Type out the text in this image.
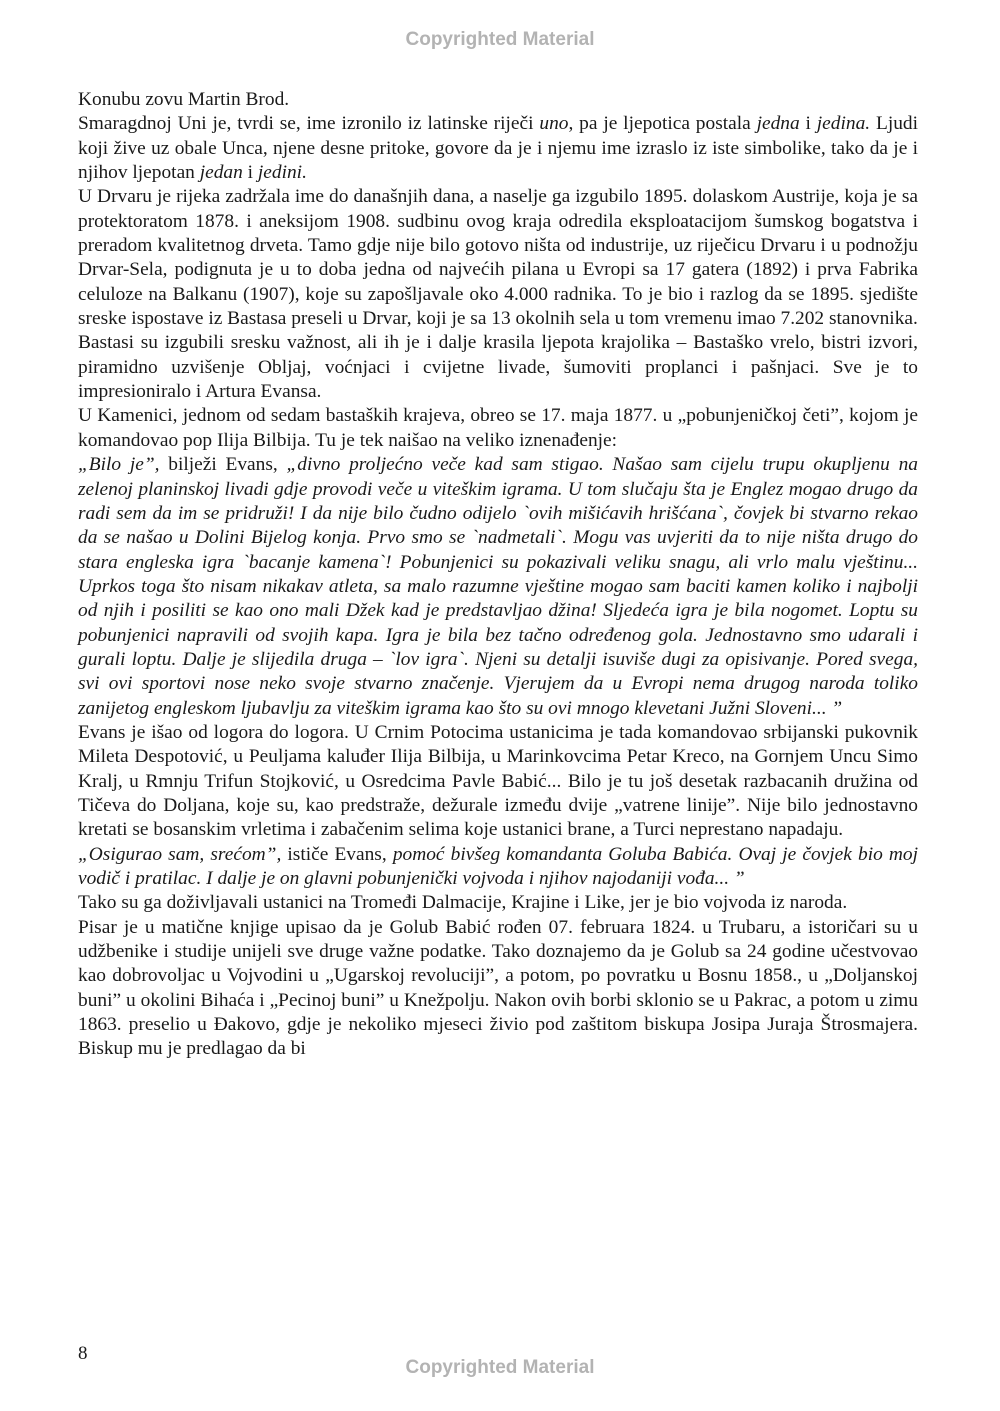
Copyrighted Material

Konubu zovu Martin Brod.

Smaragdnoj Uni je, tvrdi se, ime izronilo iz latinske riječi uno, pa je ljepotica postala jedna i jedina. Ljudi koji žive uz obale Unca, njene desne pritoke, govore da je i njemu ime izraslo iz iste simbolike, tako da je i njihov ljepotan jedan i jedini.

U Drvaru je rijeka zadržala ime do današnjih dana, a naselje ga izgubilo 1895. dolaskom Austrije, koja je sa protektoratom 1878. i aneksijom 1908. sudbinu ovog kraja odredila eksploatacijom šumskog bogatstva i preradom kvalitetnog drveta. Tamo gdje nije bilo gotovo ništa od industrije, uz riječicu Drvaru i u podnožju Drvar-Sela, podignuta je u to doba jedna od najvećih pilana u Evropi sa 17 gatera (1892) i prva Fabrika celuloze na Balkanu (1907), koje su zapošljavale oko 4.000 radnika. To je bio i razlog da se 1895. sjedište sreske ispostave iz Bastasa preseli u Drvar, koji je sa 13 okolnih sela u tom vremenu imao 7.202 stanovnika.

Bastasi su izgubili sresku važnost, ali ih je i dalje krasila ljepota krajolika – Bastaško vrelo, bistri izvori, piramidno uzvišenje Obljaj, voćnjaci i cvijetne livade, šumoviti proplanci i pašnjaci. Sve je to impresioniralo i Artura Evansa.

U Kamenici, jednom od sedam bastaških krajeva, obreo se 17. maja 1877. u „pobunjeničkoj četi”, kojom je komandovao pop Ilija Bilbija. Tu je tek naišao na veliko iznenađenje:

„Bilo je”, bilježi Evans, „divno proljećno veče kad sam stigao. Našao sam cijelu trupu okupljenu na zelenoj planinskoj livadi gdje provodi veče u viteškim igrama. U tom slučaju šta je Englez mogao drugo da radi sem da im se pridruži! I da nije bilo čudno odijelo `ovih mišićavih hrišćana`, čovjek bi stvarno rekao da se našao u Dolini Bijelog konja. Prvo smo se `nadmetali`. Mogu vas uvjeriti da to nije ništa drugo do stara engleska igra `bacanje kamena`! Pobunjenici su pokazivali veliku snagu, ali vrlo malu vještinu... Uprkos toga što nisam nikakav atleta, sa malo razumne vještine mogao sam baciti kamen koliko i najbolji od njih i posiliti se kao ono mali Džek kad je predstavljao džina! Sljedeća igra je bila nogomet. Loptu su pobunjenici napravili od svojih kapa. Igra je bila bez tačno određenog gola. Jednostavno smo udarali i gurali loptu. Dalje je slijedila druga – `lov igra`. Njeni su detalji isuviše dugi za opisivanje. Pored svega, svi ovi sportovi nose neko svoje stvarno značenje. Vjerujem da u Evropi nema drugog naroda toliko zanijetog engleskom ljubavlju za viteškim igrama kao što su ovi mnogo klevetani Južni Sloveni... ”

Evans je išao od logora do logora. U Crnim Potocima ustanicima je tada komandovao srbijanski pukovnik Mileta Despotović, u Peuljama kaluđer Ilija Bilbija, u Marinkovcima Petar Kreco, na Gornjem Uncu Simo Kralj, u Rmnju Trifun Stojković, u Osredcima Pavle Babić... Bilo je tu još desetak razbacanih družina od Tičeva do Doljana, koje su, kao predstraže, dežurale između dvije „vatrene linije”. Nije bilo jednostavno kretati se bosanskim vrletima i zabačenim selima koje ustanici brane, a Turci neprestano napadaju.

„Osigurao sam, srećom”, ističe Evans, pomoć bivšeg komandanta Goluba Babića. Ovaj je čovjek bio moj vodič i pratilac. I dalje je on glavni pobunjenički vojvoda i njihov najodaniji vođa... ”

Tako su ga doživljavali ustanici na Tromeđi Dalmacije, Krajine i Like, jer je bio vojvoda iz naroda.

Pisar je u matične knjige upisao da je Golub Babić rođen 07. februara 1824. u Trubaru, a istoričari su u udžbenike i studije unijeli sve druge važne podatke. Tako doznajemo da je Golub sa 24 godine učestvovao kao dobrovoljac u Vojvodini u „Ugarskoj revoluciji”, a potom, po povratku u Bosnu 1858., u „Doljanskoj buni” u okolini Bihaća i „Pecinoj buni” u Knežpolju. Nakon ovih borbi sklonio se u Pakrac, a potom u zimu 1863. preselio u Đakovo, gdje je nekoliko mjeseci živio pod zaštitom biskupa Josipa Juraja Štrosmajera. Biskup mu je predlagao da bi

8
Copyrighted Material
